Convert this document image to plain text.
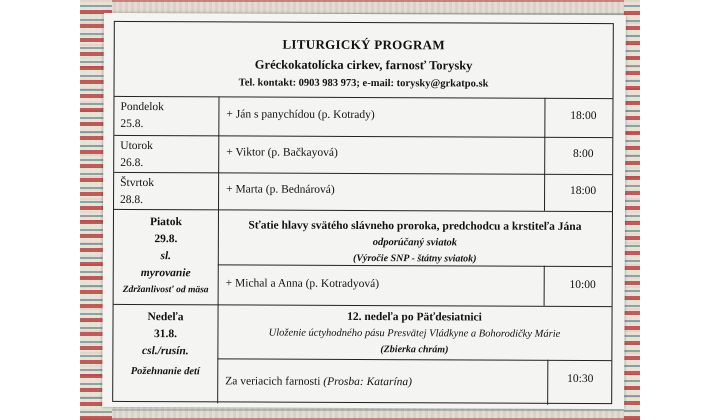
LITURGICKÝ PROGRAM
Gréckokatolícka cirkev, farnosť Torysky
Tel. kontakt: 0903 983 973; e-mail: torysky@grkatpo.sk
Pondelok
25.8.
+ Ján s panychídou (p. Kotrady)	18:00
Utorok
26.8.
+ Viktor (p. Bačkayová)	8:00
Štvrtok
28.8.
+ Marta (p. Bednárová)	18:00
Piatok
29.8.
sl.
myrovanie
Zdržanlivosť od mäsa
Sťatie hlavy svätého slávneho proroka, predchodcu a krstiteľa Jána
odporúčaný sviatok
(Výročie SNP - štátny sviatok)
+ Michal a Anna (p. Kotradyová)	10:00
Nedeľa
31.8.
csl./rusín.
Požehnanie detí
12. nedeľa po Päťdesiatnici
Uloženie úctyhodného pásu Presvätej Vládkyne a Bohorodičky Márie
(Zbierka chrám)
Za veriacich farnosti (Prosba: Katarína)	10:30
